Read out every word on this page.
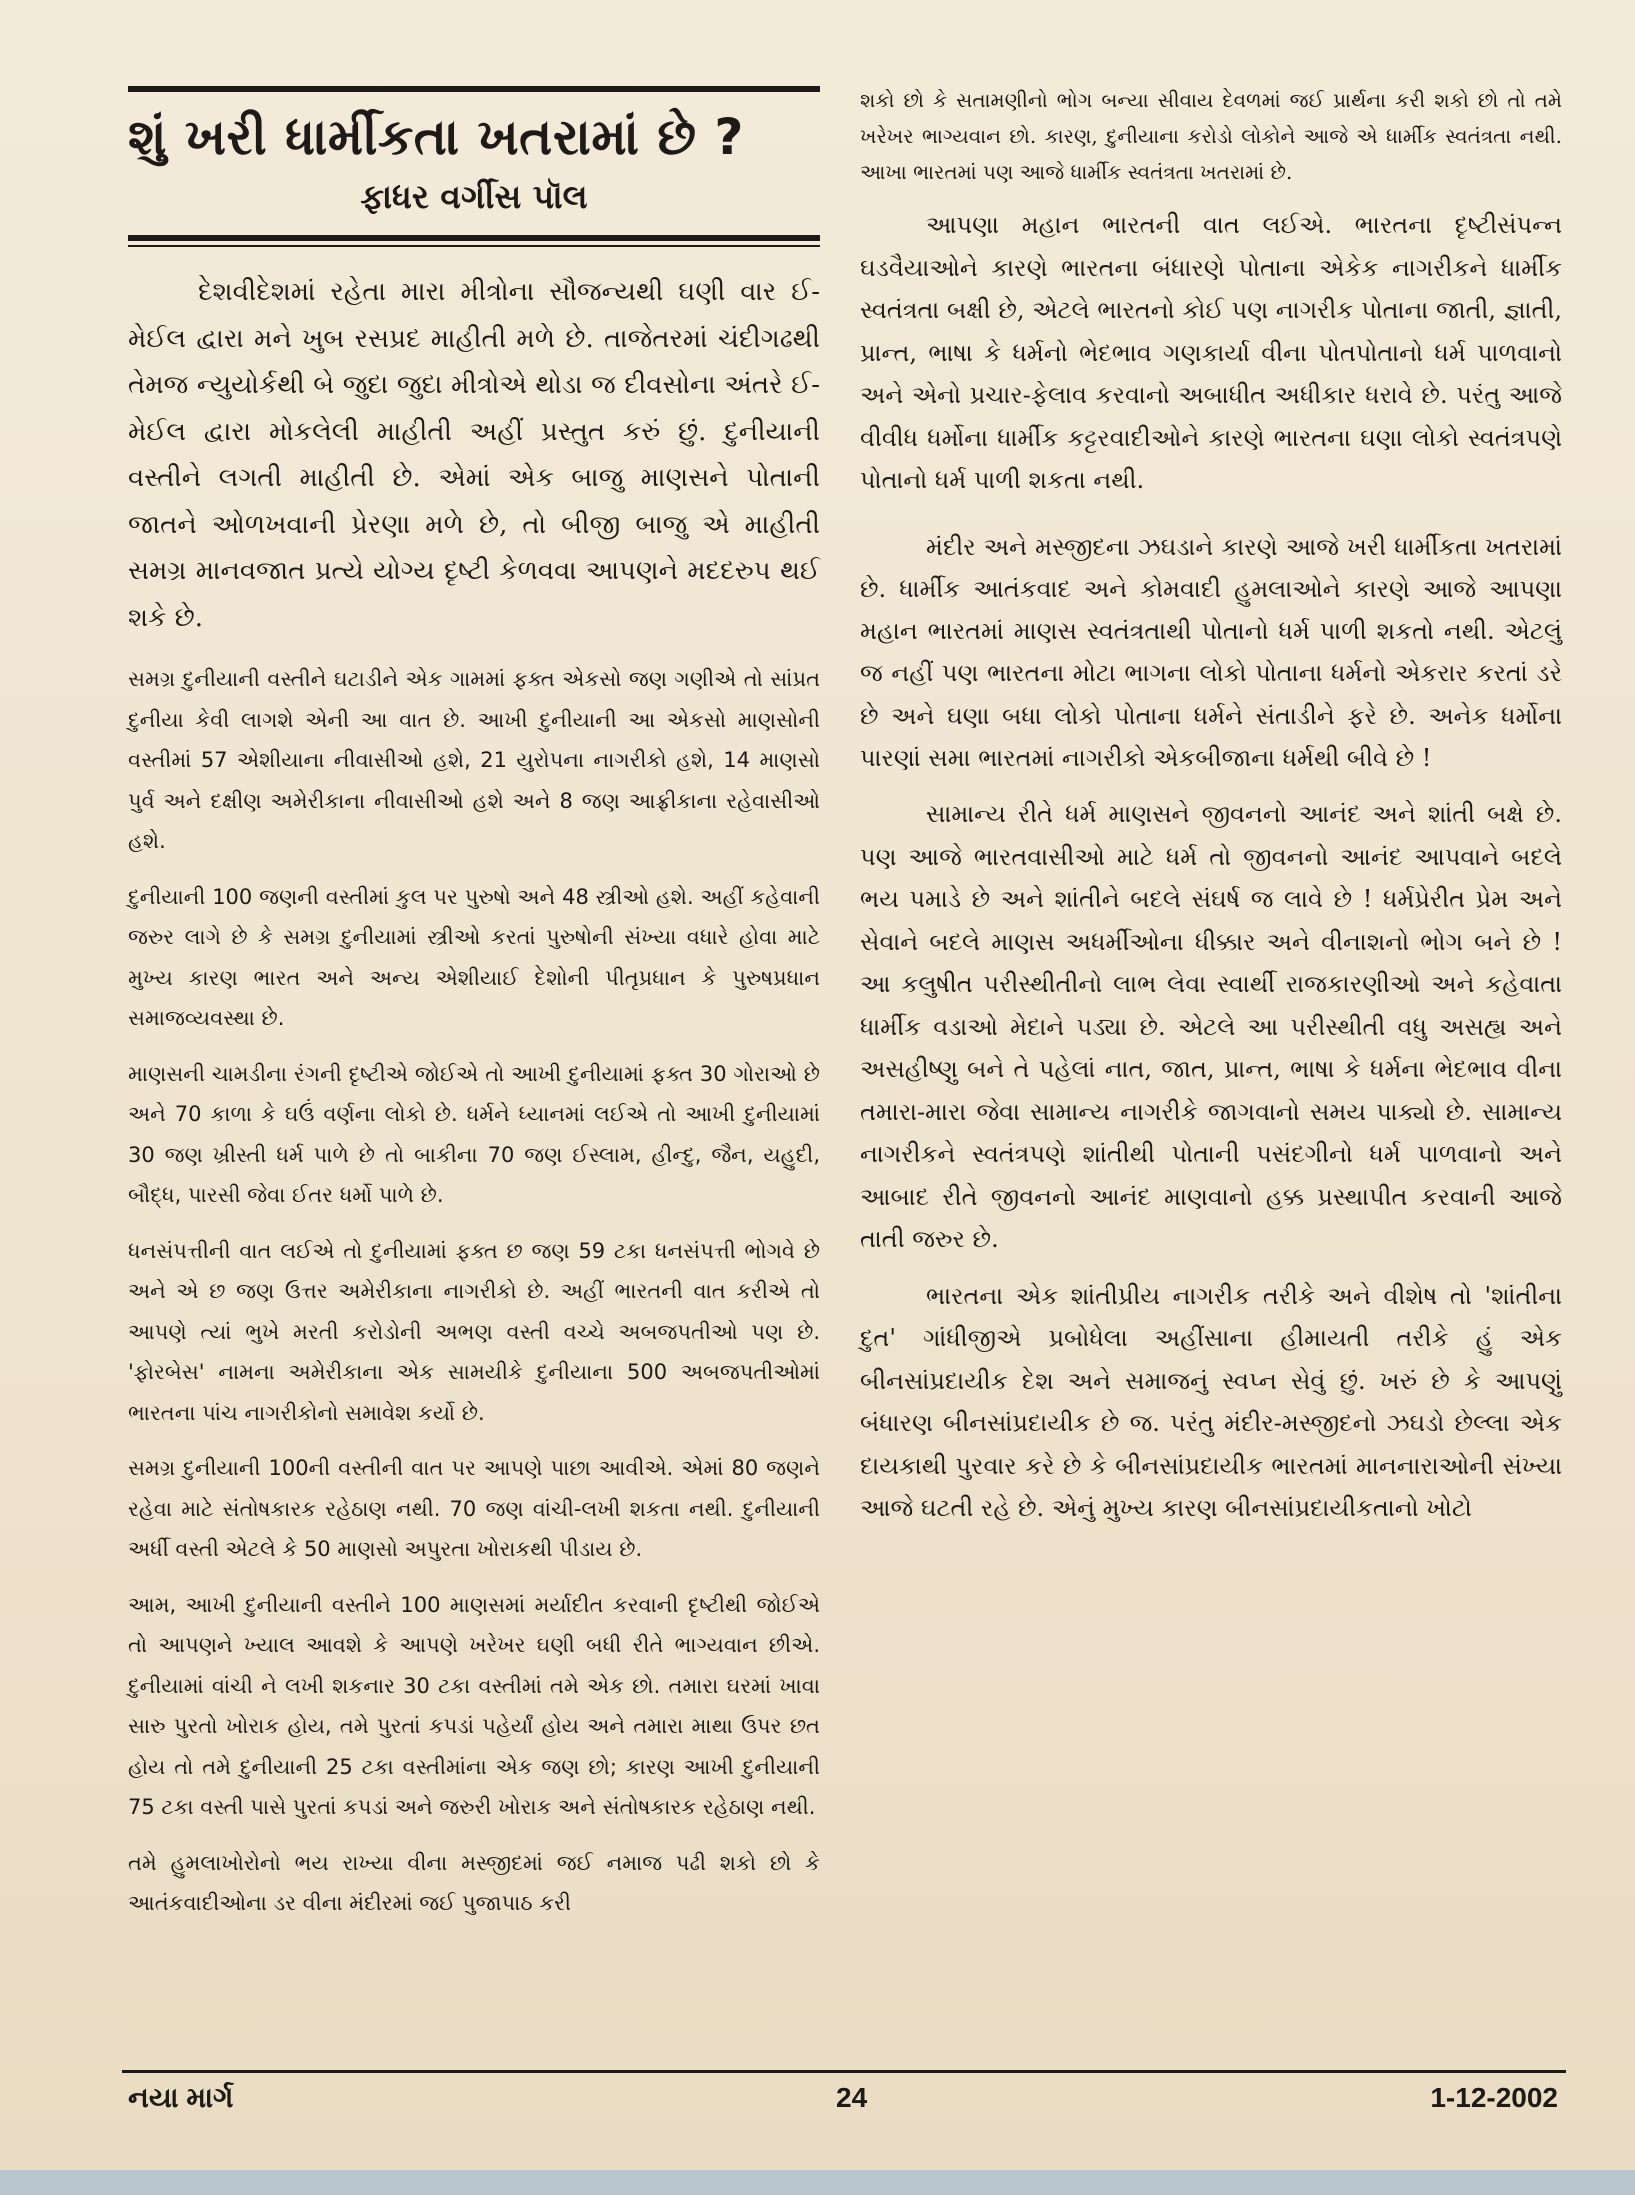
શું ખરી ધાર્મીકતા ખતરામાં છે ?
ફાધર વર્ગીસ પૉલ

દેશવીદેશમાં રહેતા મારા મીત્રોના સૌજન્યથી ઘણી વાર ઈ-મેઈલ દ્વારા મને ખુબ રસપ્રદ માહીતી મળે છે. તાજેતરમાં ચંદીગઢથી તેમજ ન્યુયોર્કથી બે જુદા જુદા મીત્રોએ થોડા જ દીવસોના અંતરે ઈ-મેઈલ દ્વારા મોકલેલી માહીતી અહીં પ્રસ્તુત કરું છું. દુનીયાની વસ્તીને લગતી માહીતી છે. એમાં એક બાજુ માણસને પોતાની જાતને ઓળખવાની પ્રેરણા મળે છે, તો બીજી બાજુ એ માહીતી સમગ્ર માનવજાત પ્રત્યે યોગ્ય દૃષ્ટી કેળવવા આપણને મદદરુપ થઈ શકે છે.

સમગ્ર દુનીયાની વસ્તીને ઘટાડીને એક ગામમાં ફક્ત એકસો જણ ગણીએ તો સાંપ્રત દુનીયા કેવી લાગશે એની આ વાત છે. આખી દુનીયાની આ એકસો માણસોની વસ્તીમાં 57 એશીયાના નીવાસીઓ હશે, 21 યુરોપના નાગરીકો હશે, 14 માણસો પુર્વ અને દક્ષીણ અમેરીકાના નીવાસીઓ હશે અને 8 જણ આફ્રીકાના રહેવાસીઓ હશે.

દુનીયાની 100 જણની વસ્તીમાં કુલ પર પુરુષો અને 48 સ્ત્રીઓ હશે. અહીં કહેવાની જરુર લાગે છે કે સમગ્ર દુનીયામાં સ્ત્રીઓ કરતાં પુરુષોની સંખ્યા વધારે હોવા માટે મુખ્ય કારણ ભારત અને અન્ય એશીયાઈ દેશોની પીતૃપ્રધાન કે પુરુષપ્રધાન સમાજવ્યવસ્થા છે.

માણસની ચામડીના રંગની દૃષ્ટીએ જોઈએ તો આખી દુનીયામાં ફક્ત 30 ગોરાઓ છે અને 70 કાળા કે ઘઉં વર્ણના લોકો છે. ધર્મને ધ્યાનમાં લઈએ તો આખી દુનીયામાં 30 જણ ખ્રીસ્તી ધર્મ પાળે છે તો બાકીના 70 જણ ઈસ્લામ, હીન્દુ, જૈન, યહુદી, બૌદ્ધ, પારસી જેવા ઈતર ધર્મો પાળે છે.

ધનસંપત્તીની વાત લઈએ તો દુનીયામાં ફક્ત છ જણ 59 ટકા ધનસંપત્તી ભોગવે છે અને એ છ જણ ઉત્તર અમેરીકાના નાગરીકો છે. અહીં ભારતની વાત કરીએ તો આપણે ત્યાં ભુખે મરતી કરોડોની અભણ વસ્તી વચ્ચે અબજપતીઓ પણ છે. 'ફોરબેસ' નામના અમેરીકાના એક સામયીકે દુનીયાના 500 અબજપતીઓમાં ભારતના પાંચ નાગરીકોનો સમાવેશ કર્યો છે.

સમગ્ર દુનીયાની 100ની વસ્તીની વાત પર આપણે પાછા આવીએ. એમાં 80 જણને રહેવા માટે સંતોષકારક રહેઠાણ નથી. 70 જણ વાંચી-લખી શકતા નથી. દુનીયાની અર્ધી વસ્તી એટલે કે 50 માણસો અપુરતા ખોરાકથી પીડાય છે.

આમ, આખી દુનીયાની વસ્તીને 100 માણસમાં મર્યાદીત કરવાની દૃષ્ટીથી જોઈએ તો આપણને ખ્યાલ આવશે કે આપણે ખરેખર ઘણી બધી રીતે ભાગ્યવાન છીએ. દુનીયામાં વાંચી ને લખી શકનાર 30 ટકા વસ્તીમાં તમે એક છો. તમારા ઘરમાં ખાવા સારુ પુરતો ખોરાક હોય, તમે પુરતાં કપડાં પહેર્યાં હોય અને તમારા માથા ઉપર છત હોય તો તમે દુનીયાની 25 ટકા વસ્તીમાંના એક જણ છો; કારણ આખી દુનીયાની 75 ટકા વસ્તી પાસે પુરતાં કપડાં અને જરુરી ખોરાક અને સંતોષકારક રહેઠાણ નથી.

તમે હુમલાખોરોનો ભય રાખ્યા વીના મસ્જીદમાં જઈ નમાજ પઢી શકો છો કે આતંકવાદીઓના ડર વીના મંદીરમાં જઈ પુજાપાઠ કરી

શકો છો કે સતામણીનો ભોગ બન્યા સીવાય દેવળમાં જઈ પ્રાર્થના કરી શકો છો તો તમે ખરેખર ભાગ્યવાન છો. કારણ, દુનીયાના કરોડો લોકોને આજે એ ધાર્મીક સ્વતંત્રતા નથી. આખા ભારતમાં પણ આજે ધાર્મીક સ્વતંત્રતા ખતરામાં છે.

આપણા મહાન ભારતની વાત લઈએ. ભારતના દૃષ્ટીસંપન્ન ઘડવૈયાઓને કારણે ભારતના બંધારણે પોતાના એકેક નાગરીકને ધાર્મીક સ્વતંત્રતા બક્ષી છે, એટલે ભારતનો કોઈ પણ નાગરીક પોતાના જાતી, જ્ઞાતી, પ્રાન્ત, ભાષા કે ધર્મનો ભેદભાવ ગણકાર્યા વીના પોતપોતાનો ધર્મ પાળવાનો અને એનો પ્રચાર-ફેલાવ કરવાનો અબાધીત અધીકાર ધરાવે છે. પરંતુ આજે વીવીધ ધર્મોના ધાર્મીક કટ્ટરવાદીઓને કારણે ભારતના ઘણા લોકો સ્વતંત્રપણે પોતાનો ધર્મ પાળી શકતા નથી.

મંદીર અને મસ્જીદના ઝઘડાને કારણે આજે ખરી ધાર્મીકતા ખતરામાં છે. ધાર્મીક આતંકવાદ અને કોમવાદી હુમલાઓને કારણે આજે આપણા મહાન ભારતમાં માણસ સ્વતંત્રતાથી પોતાનો ધર્મ પાળી શકતો નથી. એટલું જ નહીં પણ ભારતના મોટા ભાગના લોકો પોતાના ધર્મનો એકરાર કરતાં ડરે છે અને ઘણા બધા લોકો પોતાના ધર્મને સંતાડીને ફરે છે. અનેક ધર્મોના પારણાં સમા ભારતમાં નાગરીકો એકબીજાના ધર્મથી બીવે છે !

સામાન્ય રીતે ધર્મ માણસને જીવનનો આનંદ અને શાંતી બક્ષે છે. પણ આજે ભારતવાસીઓ માટે ધર્મ તો જીવનનો આનંદ આપવાને બદલે ભય પમાડે છે અને શાંતીને બદલે સંઘર્ષ જ લાવે છે ! ધર્મપ્રેરીત પ્રેમ અને સેવાને બદલે માણસ અધર્મીઓના ધીક્કાર અને વીનાશનો ભોગ બને છે ! આ કલુષીત પરીસ્થીતીનો લાભ લેવા સ્વાર્થી રાજકારણીઓ અને કહેવાતા ધાર્મીક વડાઓ મેદાને પડ્યા છે. એટલે આ પરીસ્થીતી વધુ અસહ્ય અને અસહીષ્ણુ બને તે પહેલાં નાત, જાત, પ્રાન્ત, ભાષા કે ધર્મના ભેદભાવ વીના તમારા-મારા જેવા સામાન્ય નાગરીકે જાગવાનો સમય પાક્યો છે. સામાન્ય નાગરીકને સ્વતંત્રપણે શાંતીથી પોતાની પસંદગીનો ધર્મ પાળવાનો અને આબાદ રીતે જીવનનો આનંદ માણવાનો હક્ક પ્રસ્થાપીત કરવાની આજે તાતી જરુર છે.

ભારતના એક શાંતીપ્રીય નાગરીક તરીકે અને વીશેષ તો 'શાંતીના દુત' ગાંધીજીએ પ્રબોધેલા અહીંસાના હીમાયતી તરીકે હું એક બીનસાંપ્રદાયીક દેશ અને સમાજનું સ્વપ્ન સેવું છું. ખરું છે કે આપણું બંધારણ બીનસાંપ્રદાયીક છે જ. પરંતુ મંદીર-મસ્જીદનો ઝઘડો છેલ્લા એક દાયકાથી પુરવાર કરે છે કે બીનસાંપ્રદાયીક ભારતમાં માનનારાઓની સંખ્યા આજે ઘટતી રહે છે. એનું મુખ્ય કારણ બીનસાંપ્રદાયીકતાનો ખોટો

નયા માર્ગ	24	1-12-2002
